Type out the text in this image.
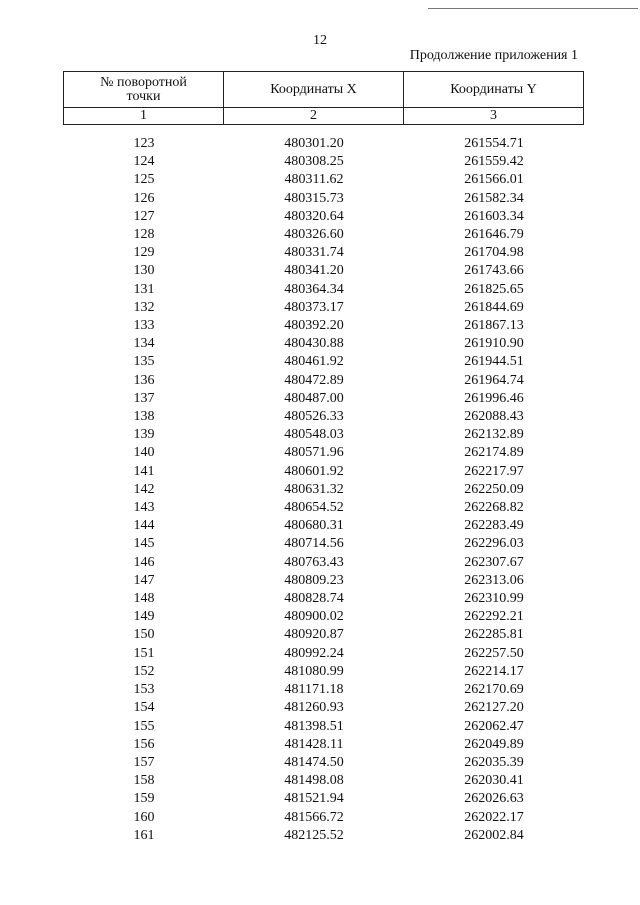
12
Продолжение приложения 1
№ поворотной точки	Координаты X	Координаты Y
1	2	3
123	480301.20	261554.71
124	480308.25	261559.42
125	480311.62	261566.01
126	480315.73	261582.34
127	480320.64	261603.34
128	480326.60	261646.79
129	480331.74	261704.98
130	480341.20	261743.66
131	480364.34	261825.65
132	480373.17	261844.69
133	480392.20	261867.13
134	480430.88	261910.90
135	480461.92	261944.51
136	480472.89	261964.74
137	480487.00	261996.46
138	480526.33	262088.43
139	480548.03	262132.89
140	480571.96	262174.89
141	480601.92	262217.97
142	480631.32	262250.09
143	480654.52	262268.82
144	480680.31	262283.49
145	480714.56	262296.03
146	480763.43	262307.67
147	480809.23	262313.06
148	480828.74	262310.99
149	480900.02	262292.21
150	480920.87	262285.81
151	480992.24	262257.50
152	481080.99	262214.17
153	481171.18	262170.69
154	481260.93	262127.20
155	481398.51	262062.47
156	481428.11	262049.89
157	481474.50	262035.39
158	481498.08	262030.41
159	481521.94	262026.63
160	481566.72	262022.17
161	482125.52	262002.84
